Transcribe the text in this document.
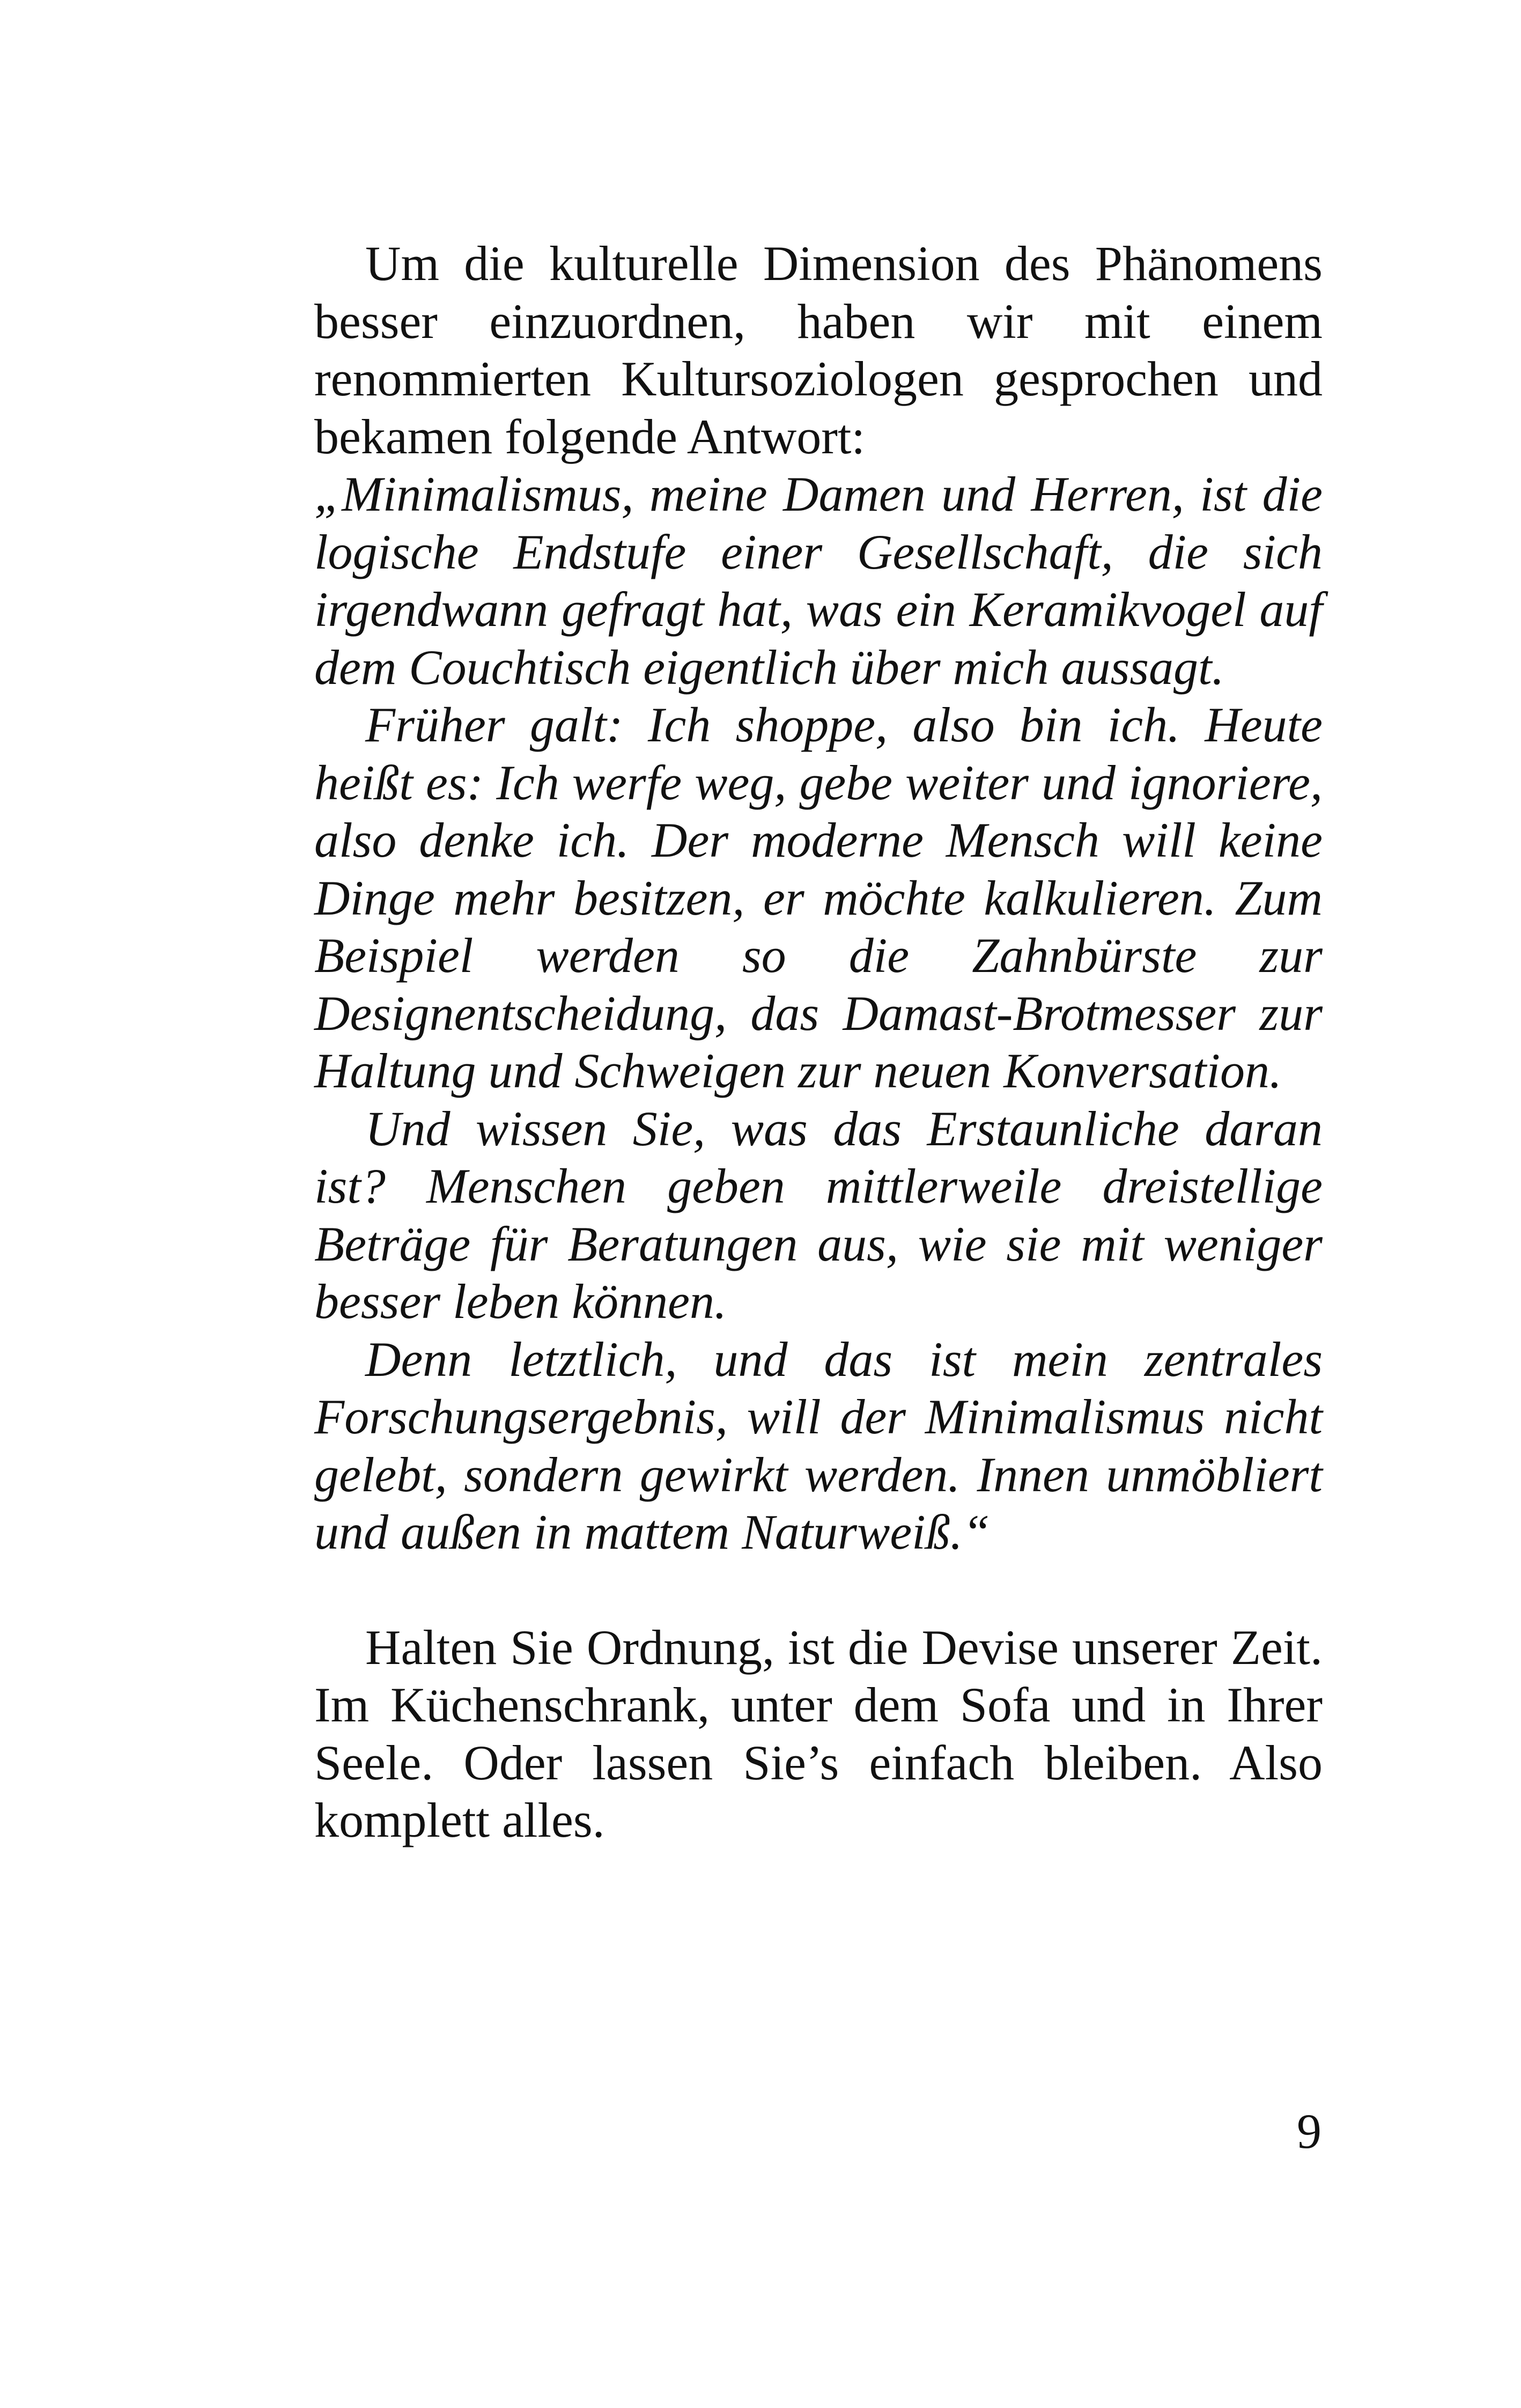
Um die kulturelle Dimension des Phänomens besser einzuordnen, haben wir mit einem renommierten Kultursoziologen gesprochen und bekamen folgende Antwort:
„Minimalismus, meine Damen und Herren, ist die logische Endstufe einer Gesellschaft, die sich irgendwann gefragt hat, was ein Keramikvogel auf dem Couchtisch eigentlich über mich aussagt.

Früher galt: Ich shoppe, also bin ich. Heute heißt es: Ich werfe weg, gebe weiter und ignoriere, also denke ich. Der moderne Mensch will keine Dinge mehr besitzen, er möchte kalkulieren. Zum Beispiel werden so die Zahnbürste zur Designentscheidung, das Damast-Brotmesser zur Haltung und Schweigen zur neuen Konversation.

Und wissen Sie, was das Erstaunliche daran ist? Menschen geben mittlerweile dreistellige Beträge für Beratungen aus, wie sie mit weniger besser leben können.

Denn letztlich, und das ist mein zentrales Forschungsergebnis, will der Minimalismus nicht gelebt, sondern gewirkt werden. Innen unmöbliert und außen in mattem Naturweiß.“

Halten Sie Ordnung, ist die Devise unserer Zeit. Im Küchenschrank, unter dem Sofa und in Ihrer Seele. Oder lassen Sie’s einfach bleiben. Also komplett alles.

9
